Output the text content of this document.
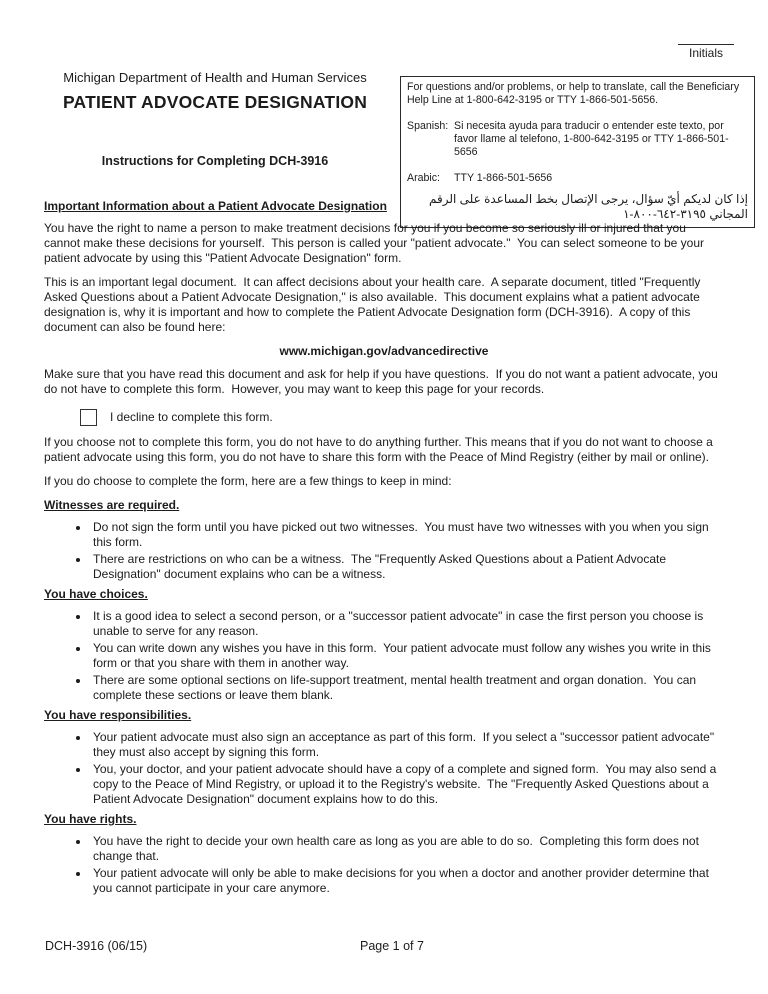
Initials
Michigan Department of Health and Human Services
PATIENT ADVOCATE DESIGNATION
Instructions for Completing DCH-3916

For questions and/or problems, or help to translate, call the Beneficiary Help Line at 1-800-642-3195 or TTY 1-866-501-5656.

Spanish: Si necesita ayuda para traducir o entender este texto, por favor llame al telefono, 1-800-642-3195 or TTY 1-866-501-5656
Arabic:	TTY 1-866-501-5656
إذا كان لديكم أيّ سؤال، يرجى الإتصال بخط المساعدة على الرقم المجاني ٣١٩٥-٦٤٢-٨٠٠-١
Important Information about a Patient Advocate Designation

You have the right to name a person to make treatment decisions for you if you become so seriously ill or injured that you cannot make these decisions for yourself.  This person is called your "patient advocate."  You can select someone to be your patient advocate by using this "Patient Advocate Designation" form.

This is an important legal document.  It can affect decisions about your health care.  A separate document, titled "Frequently Asked Questions about a Patient Advocate Designation," is also available.  This document explains what a patient advocate designation is, why it is important and how to complete the Patient Advocate Designation form (DCH-3916).  A copy of this document can also be found here:

www.michigan.gov/advancedirective

Make sure that you have read this document and ask for help if you have questions.  If you do not want a patient advocate, you do not have to complete this form.  However, you may want to keep this page for your records.

I decline to complete this form.

If you choose not to complete this form, you do not have to do anything further. This means that if you do not want to choose a patient advocate using this form, you do not have to share this form with the Peace of Mind Registry (either by mail or online).

If you do choose to complete the form, here are a few things to keep in mind:

Witnesses are required.
• Do not sign the form until you have picked out two witnesses.  You must have two witnesses with you when you sign this form.
• There are restrictions on who can be a witness.  The "Frequently Asked Questions about a Patient Advocate Designation" document explains who can be a witness.
You have choices.
• It is a good idea to select a second person, or a "successor patient advocate" in case the first person you choose is unable to serve for any reason.
• You can write down any wishes you have in this form.  Your patient advocate must follow any wishes you write in this form or that you share with them in another way.
• There are some optional sections on life-support treatment, mental health treatment and organ donation.  You can complete these sections or leave them blank.
You have responsibilities.
• Your patient advocate must also sign an acceptance as part of this form.  If you select a "successor patient advocate" they must also accept by signing this form.
• You, your doctor, and your patient advocate should have a copy of a complete and signed form.  You may also send a copy to the Peace of Mind Registry, or upload it to the Registry's website.  The "Frequently Asked Questions about a Patient Advocate Designation" document explains how to do this.
You have rights.
• You have the right to decide your own health care as long as you are able to do so.  Completing this form does not change that.
• Your patient advocate will only be able to make decisions for you when a doctor and another provider determine that you cannot participate in your care anymore.
DCH-3916 (06/15)	Page 1 of 7
